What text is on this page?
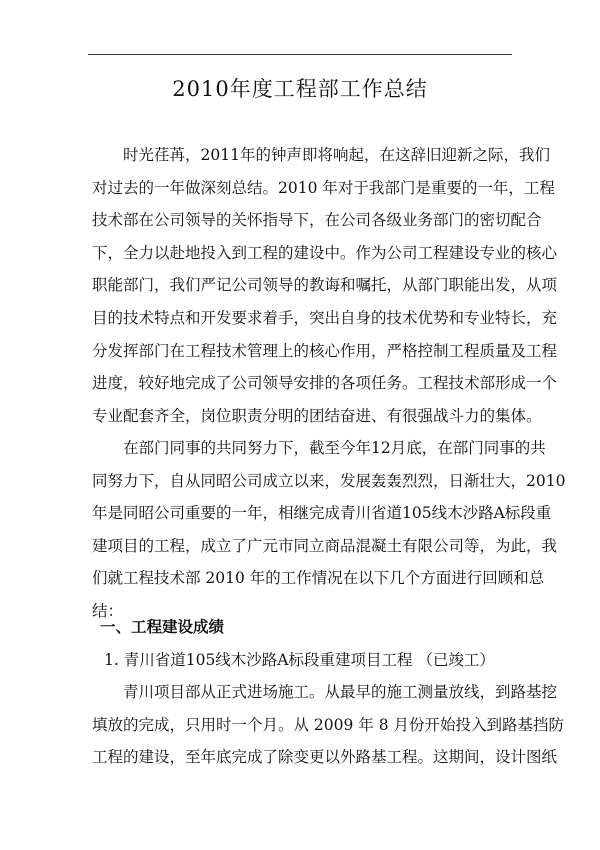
2010年度工程部工作总结
时光荏苒，2011年的钟声即将响起，在这辞旧迎新之际，我们
对过去的一年做深刻总结。2010 年对于我部门是重要的一年，工程
技术部在公司领导的关怀指导下，在公司各级业务部门的密切配合
下，全力以赴地投入到工程的建设中。作为公司工程建设专业的核心
职能部门，我们严记公司领导的教诲和嘱托，从部门职能出发，从项
目的技术特点和开发要求着手，突出自身的技术优势和专业特长，充
分发挥部门在工程技术管理上的核心作用，严格控制工程质量及工程
进度，较好地完成了公司领导安排的各项任务。工程技术部形成一个
专业配套齐全，岗位职责分明的团结奋进、有很强战斗力的集体。
在部门同事的共同努力下，截至今年12月底，在部门同事的共
同努力下，自从同昭公司成立以来，发展轰轰烈烈，日渐壮大，2010
年是同昭公司重要的一年，相继完成青川省道105线木沙路A标段重
建项目的工程，成立了广元市同立商品混凝土有限公司等，为此，我
们就工程技术部 2010 年的工作情况在以下几个方面进行回顾和总
结：
一、工程建设成绩
1. 青川省道105线木沙路A标段重建项目工程 （已竣工）
青川项目部从正式进场施工。从最早的施工测量放线，到路基挖
填放的完成，只用时一个月。从 2009 年 8 月份开始投入到路基挡防
工程的建设，至年底完成了除变更以外路基工程。这期间，设计图纸
